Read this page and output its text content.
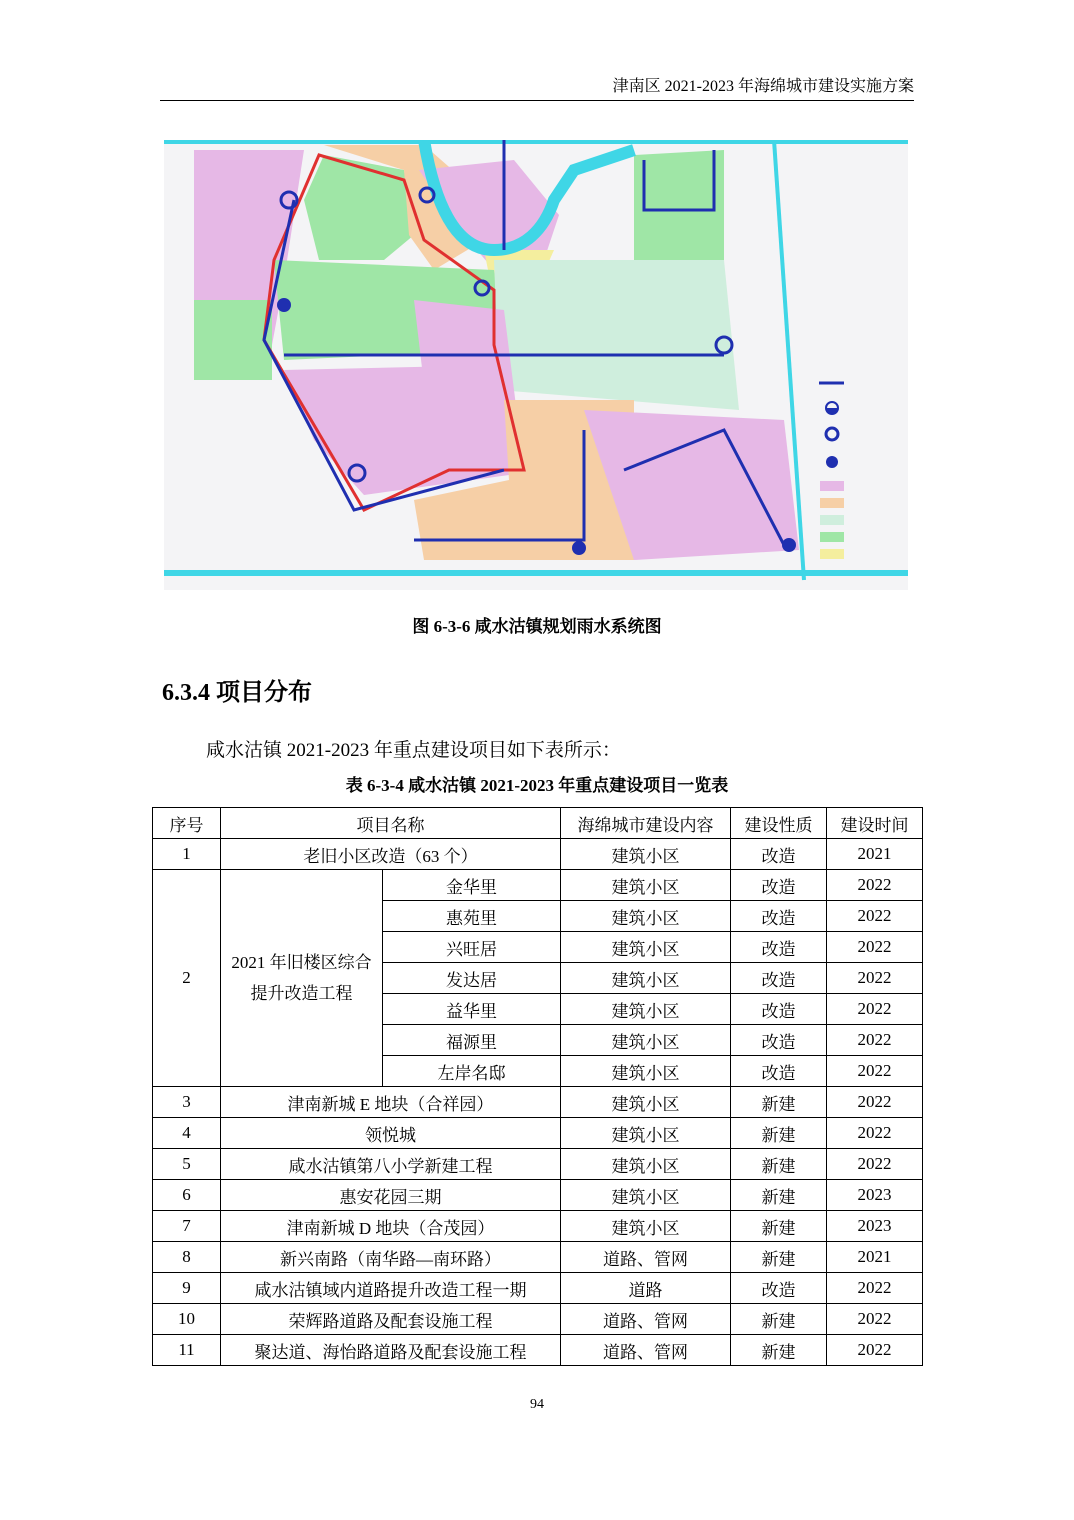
津南区 2021-2023 年海绵城市建设实施方案
图 6-3-6 咸水沽镇规划雨水系统图
6.3.4 项目分布
咸水沽镇 2021-2023 年重点建设项目如下表所示：
表 6-3-4 咸水沽镇 2021-2023 年重点建设项目一览表
序号	项目名称		海绵城市建设内容	建设性质	建设时间
1	老旧小区改造（63 个）		建筑小区	改造	2021
2	2021 年旧楼区综合提升改造工程	金华里	建筑小区	改造	2022
		惠苑里	建筑小区	改造	2022
		兴旺居	建筑小区	改造	2022
		发达居	建筑小区	改造	2022
		益华里	建筑小区	改造	2022
		福源里	建筑小区	改造	2022
		左岸名邸	建筑小区	改造	2022
3	津南新城 E 地块（合祥园）		建筑小区	新建	2022
4	领悦城		建筑小区	新建	2022
5	咸水沽镇第八小学新建工程		建筑小区	新建	2022
6	惠安花园三期		建筑小区	新建	2023
7	津南新城 D 地块（合茂园）		建筑小区	新建	2023
8	新兴南路（南华路—南环路）		道路、管网	新建	2021
9	咸水沽镇域内道路提升改造工程一期		道路	改造	2022
10	荣辉路道路及配套设施工程		道路、管网	新建	2022
11	聚达道、海怡路道路及配套设施工程		道路、管网	新建	2022
94
